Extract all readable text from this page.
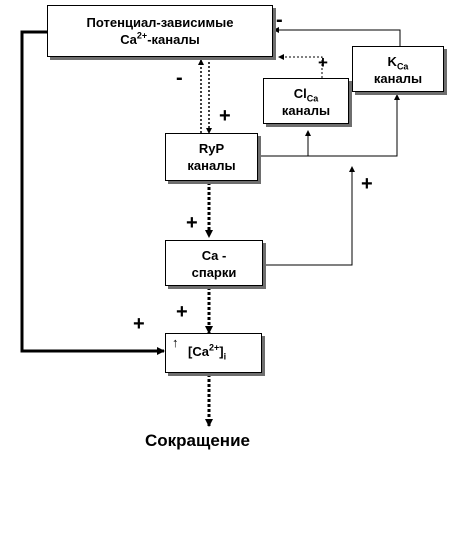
Потенциал-зависимые
$Ca^{2+}$-каналы
$K_{Ca}$
каналы
$Cl_{Ca}$
каналы
RуP
каналы
Ca -
спарки
$[Ca^{2+}]_i$
↑
-
+
-
+
+
+
+
+
Сокращение
